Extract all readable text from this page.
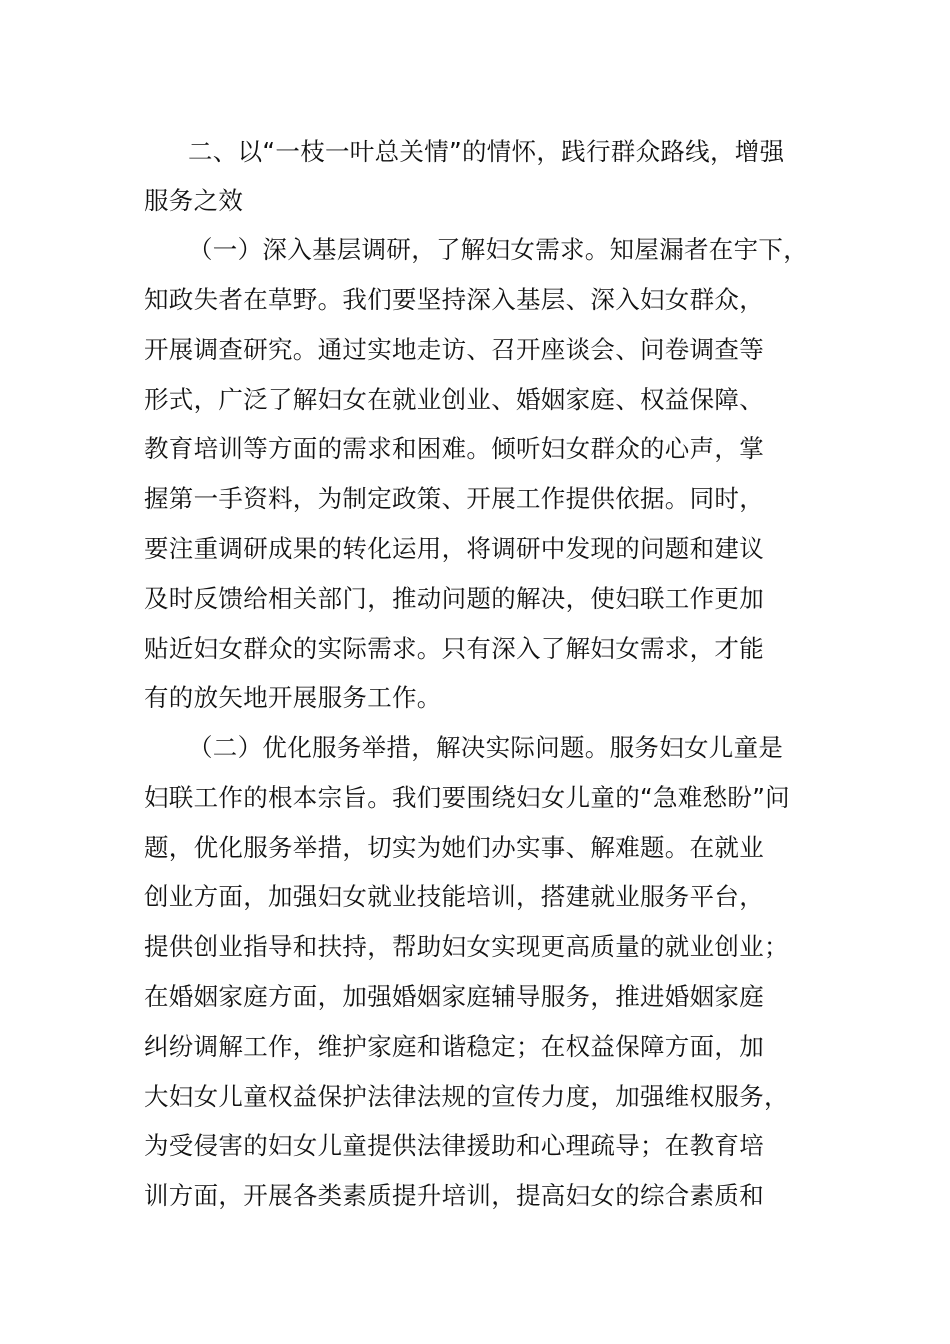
二、以“一枝一叶总关情”的情怀，践行群众路线，增强

服务之效

（一）深入基层调研，了解妇女需求。知屋漏者在宇下，

知政失者在草野。我们要坚持深入基层、深入妇女群众，

开展调查研究。通过实地走访、召开座谈会、问卷调查等

形式，广泛了解妇女在就业创业、婚姻家庭、权益保障、

教育培训等方面的需求和困难。倾听妇女群众的心声，掌

握第一手资料，为制定政策、开展工作提供依据。同时，

要注重调研成果的转化运用，将调研中发现的问题和建议

及时反馈给相关部门，推动问题的解决，使妇联工作更加

贴近妇女群众的实际需求。只有深入了解妇女需求，才能

有的放矢地开展服务工作。

（二）优化服务举措，解决实际问题。服务妇女儿童是

妇联工作的根本宗旨。我们要围绕妇女儿童的“急难愁盼”问

题，优化服务举措，切实为她们办实事、解难题。在就业

创业方面，加强妇女就业技能培训，搭建就业服务平台，

提供创业指导和扶持，帮助妇女实现更高质量的就业创业；

在婚姻家庭方面，加强婚姻家庭辅导服务，推进婚姻家庭

纠纷调解工作，维护家庭和谐稳定；在权益保障方面，加

大妇女儿童权益保护法律法规的宣传力度，加强维权服务，

为受侵害的妇女儿童提供法律援助和心理疏导；在教育培

训方面，开展各类素质提升培训，提高妇女的综合素质和
